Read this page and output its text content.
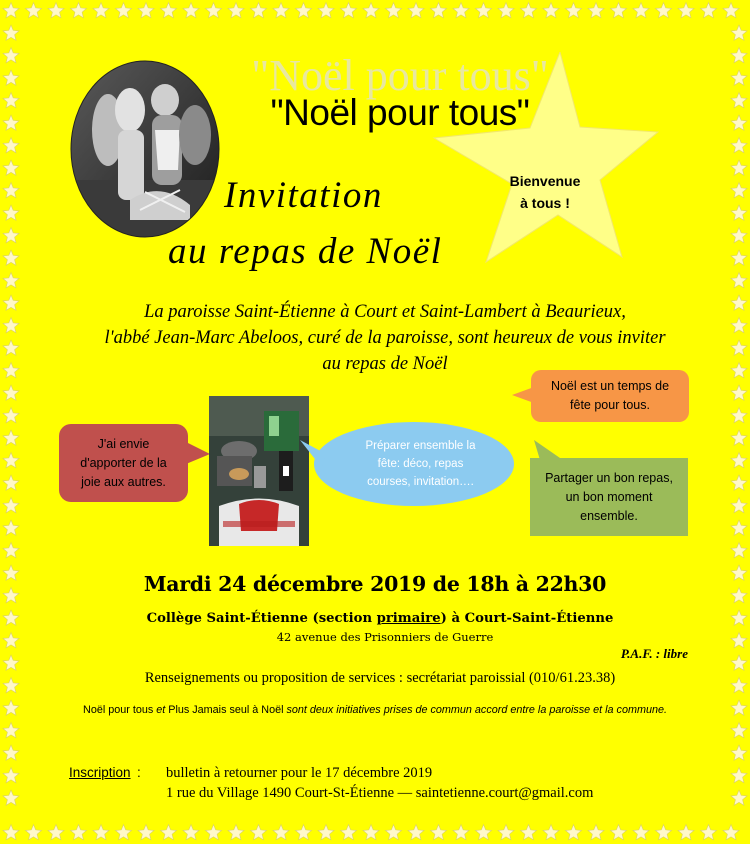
"Noël pour tous"
"Noël pour tous"
Invitation
au repas de Noël
Bienvenue
à tous !
La paroisse Saint-Étienne à Court et Saint-Lambert à Beaurieux,
l'abbé Jean-Marc Abeloos, curé de la paroisse, sont heureux de vous inviter
au repas de Noël
J'ai envie
d'apporter de la
joie aux autres.
Préparer ensemble la
fête: déco, repas
courses, invitation….
Noël est un temps de
fête pour tous.
Partager un bon repas,
un bon moment
ensemble.
Mardi 24 décembre 2019 de 18h à 22h30
Collège Saint-Étienne (section primaire) à Court-Saint-Étienne
42 avenue des Prisonniers de Guerre
P.A.F. : libre
Renseignements ou proposition de services : secrétariat paroissial (010/61.23.38)
Noël pour tous et Plus Jamais seul à Noël sont deux initiatives prises de commun accord entre la paroisse et la commune.
Inscription : bulletin à retourner pour le 17 décembre 2019
1 rue du Village 1490 Court-St-Étienne — saintetienne.court@gmail.com
